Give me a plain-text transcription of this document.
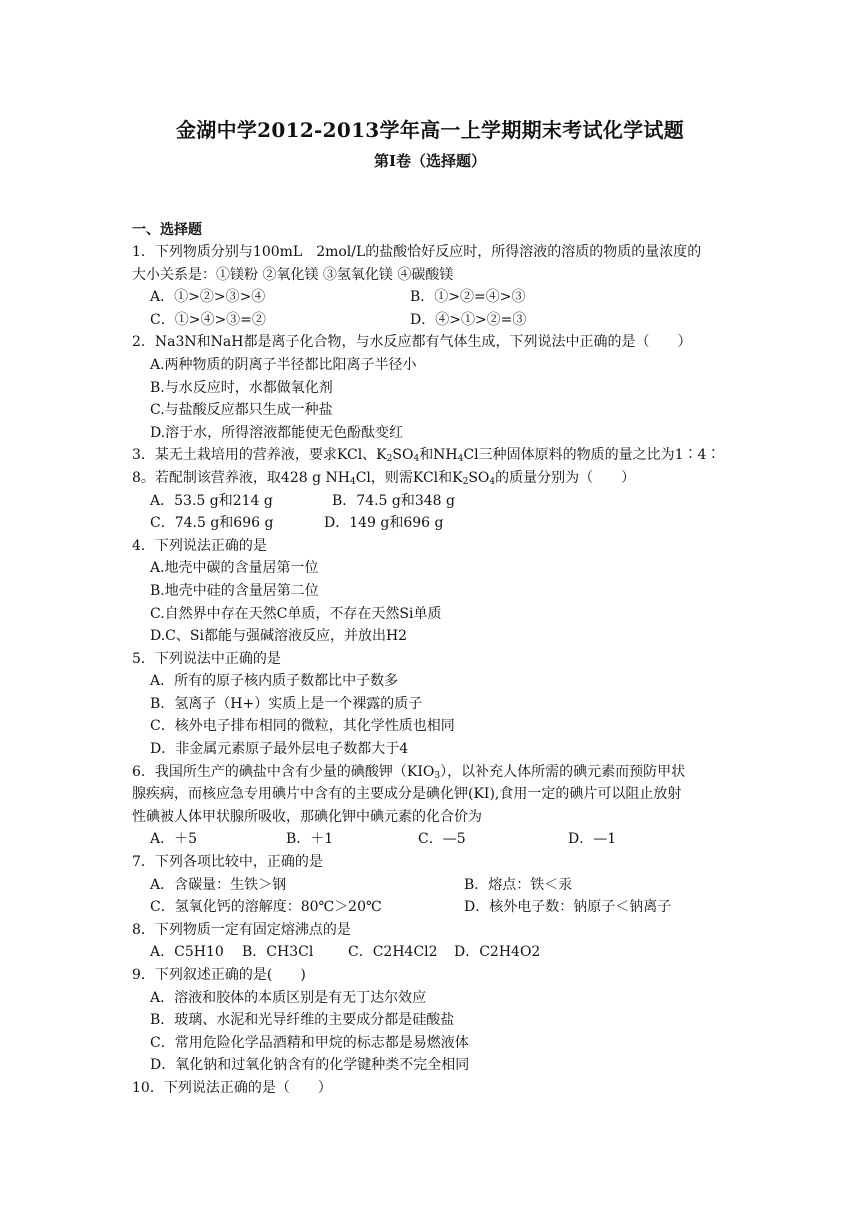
金湖中学2012-2013学年高一上学期期末考试化学试题
第Ⅰ卷（选择题）
一、选择题
1．下列物质分别与100mL　2mol/L的盐酸恰好反应时，所得溶液的溶质的物质的量浓度的
大小关系是：①镁粉 ②氧化镁 ③氢氧化镁 ④碳酸镁
A．①>②>③>④	B．①>②=④>③
C．①>④>③=②	D．④>①>②=③
2．Na3N和NaH都是离子化合物，与水反应都有气体生成，下列说法中正确的是（　　）
A.两种物质的阴离子半径都比阳离子半径小
B.与水反应时，水都做氧化剂
C.与盐酸反应都只生成一种盐
D.溶于水，所得溶液都能使无色酚酞变红
3．某无土栽培用的营养液，要求KCl、$K_2SO_4$和$NH_4Cl$三种固体原料的物质的量之比为1∶4∶
8。若配制该营养液，取428 g $NH_4Cl$，则需KCl和$K_2SO_4$的质量分别为（　　）
A．53.5 g和214 g	B．74.5 g和348 g
C．74.5 g和696 g	D．149 g和696 g
4．下列说法正确的是
A.地壳中碳的含量居第一位
B.地壳中硅的含量居第二位
C.自然界中存在天然C单质，不存在天然Si单质
D.C、Si都能与强碱溶液反应，并放出H2
5．下列说法中正确的是
A．所有的原子核内质子数都比中子数多
B．氢离子（H+）实质上是一个裸露的质子
C．核外电子排布相同的微粒，其化学性质也相同
D．非金属元素原子最外层电子数都大于4
6．我国所生产的碘盐中含有少量的碘酸钾$(KIO_3)$，以补充人体所需的碘元素而预防甲状
腺疾病，而核应急专用碘片中含有的主要成分是碘化钾(KI),食用一定的碘片可以阻止放射
性碘被人体甲状腺所吸收，那碘化钾中碘元素的化合价为
A．＋5	B．＋1	C．—5	D．—1
7．下列各项比较中，正确的是
A．含碳量：生铁＞钢	B．熔点：铁＜汞
C．氢氧化钙的溶解度：80℃＞20℃	D．核外电子数：钠原子＜钠离子
8．下列物质一定有固定熔沸点的是
A．C5H10 B．CH3Cl C．C2H4Cl2 D．C2H4O2
9．下列叙述正确的是(　　)
A．溶液和胶体的本质区别是有无丁达尔效应
B．玻璃、水泥和光导纤维的主要成分都是硅酸盐
C．常用危险化学品酒精和甲烷的标志都是易燃液体
D．氧化钠和过氧化钠含有的化学键种类不完全相同
10．下列说法正确的是（　　）
